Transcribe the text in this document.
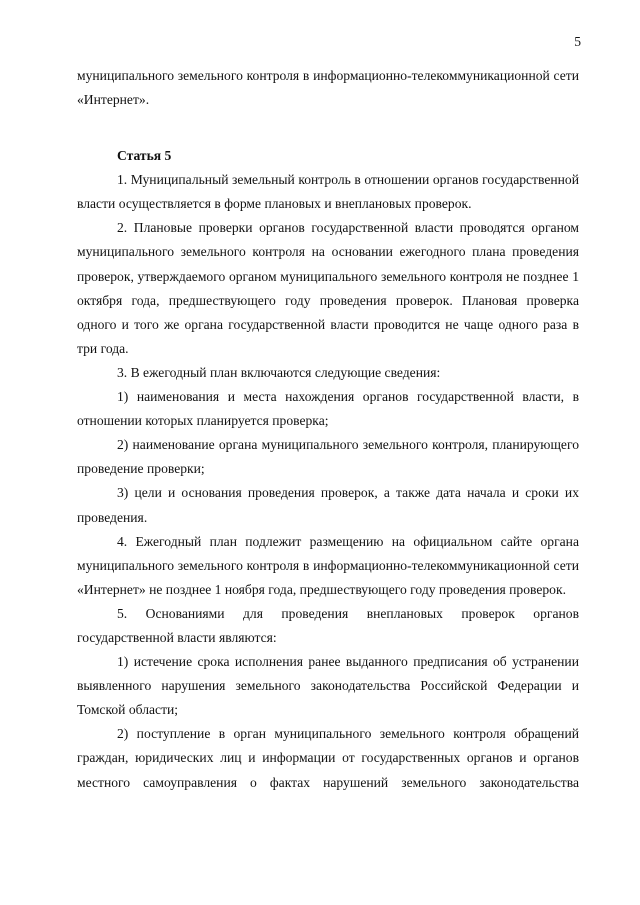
5

муниципального земельного контроля в информационно-телекоммуникационной сети «Интернет».

Статья 5

1. Муниципальный земельный контроль в отношении органов государственной власти осуществляется в форме плановых и внеплановых проверок.

2. Плановые проверки органов государственной власти проводятся органом муниципального земельного контроля на основании ежегодного плана проведения проверок, утверждаемого органом муниципального земельного контроля не позднее 1 октября года, предшествующего году проведения проверок. Плановая проверка одного и того же органа государственной власти проводится не чаще одного раза в три года.

3. В ежегодный план включаются следующие сведения:

1) наименования и места нахождения органов государственной власти, в отношении которых планируется проверка;

2) наименование органа муниципального земельного контроля, планирующего проведение проверки;

3) цели и основания проведения проверок, а также дата начала и сроки их проведения.

4. Ежегодный план подлежит размещению на официальном сайте органа муниципального земельного контроля в информационно-телекоммуникационной сети «Интернет» не позднее 1 ноября года, предшествующего году проведения проверок.

5. Основаниями для проведения внеплановых проверок органов государственной власти являются:

1) истечение срока исполнения ранее выданного предписания об устранении выявленного нарушения земельного законодательства Российской Федерации и Томской области;

2) поступление в орган муниципального земельного контроля обращений граждан, юридических лиц и информации от государственных органов и органов местного самоуправления о фактах нарушений земельного законодательства
